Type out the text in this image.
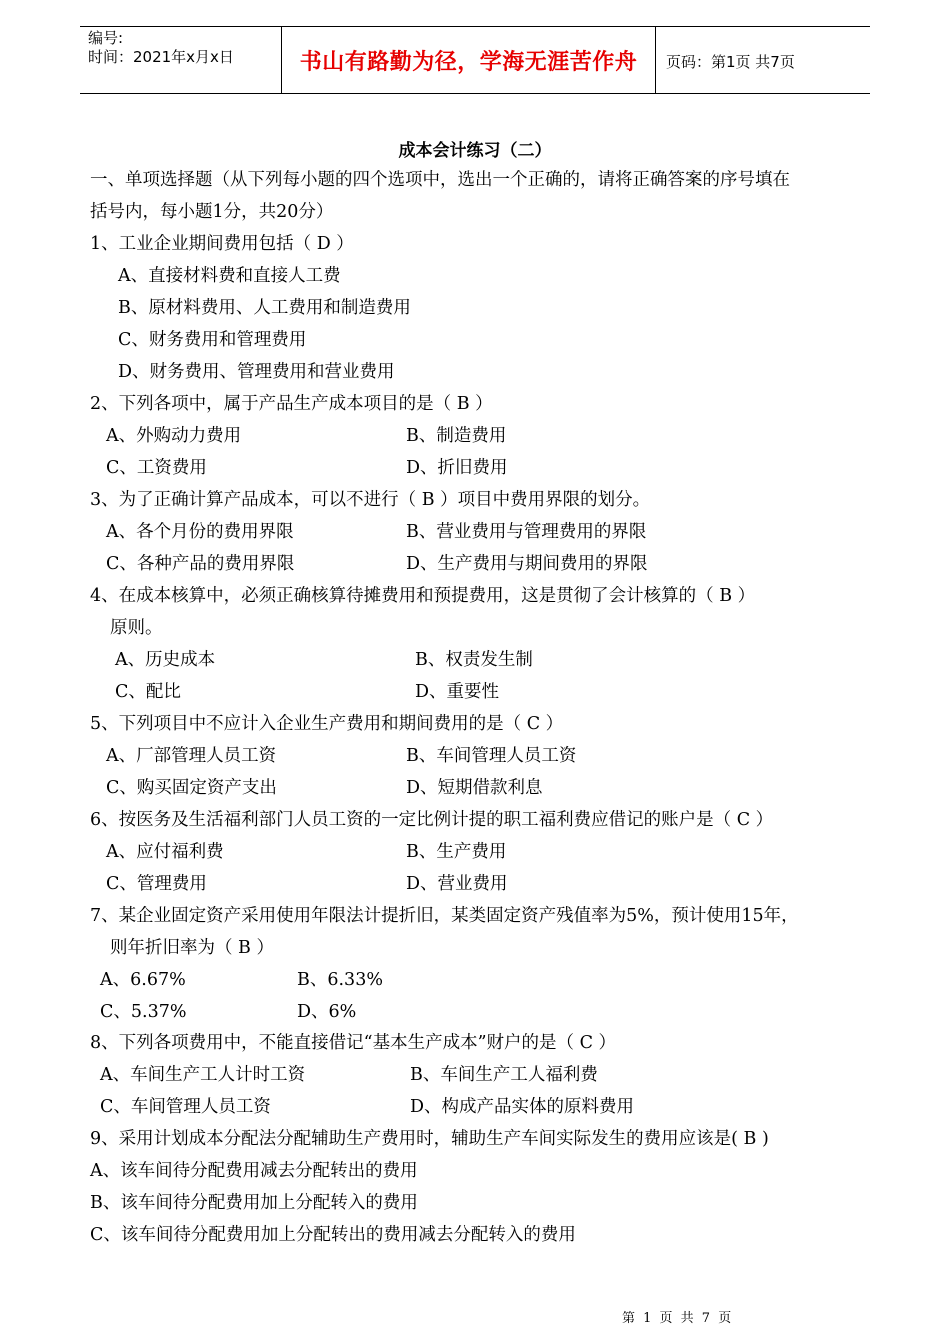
编号:
时间：2021年x月x日	书山有路勤为径，学海无涯苦作舟	页码：第1页 共7页
成本会计练习（二）
一、单项选择题（从下列每小题的四个选项中，选出一个正确的，请将正确答案的序号填在
括号内，每小题1分，共20分）
1、工业企业期间费用包括（ D ）
A、直接材料费和直接人工费
B、原材料费用、人工费用和制造费用
C、财务费用和管理费用
D、财务费用、管理费用和营业费用
2、下列各项中，属于产品生产成本项目的是（ B ）
A、外购动力费用	B、制造费用
C、工资费用	D、折旧费用
3、为了正确计算产品成本，可以不进行（ B ）项目中费用界限的划分。
A、各个月份的费用界限	B、营业费用与管理费用的界限
C、各种产品的费用界限	D、生产费用与期间费用的界限
4、在成本核算中，必须正确核算待摊费用和预提费用，这是贯彻了会计核算的（ B ）
原则。
A、历史成本	B、权责发生制
C、配比	D、重要性
5、下列项目中不应计入企业生产费用和期间费用的是（ C ）
A、厂部管理人员工资	B、车间管理人员工资
C、购买固定资产支出	D、短期借款利息
6、按医务及生活福利部门人员工资的一定比例计提的职工福利费应借记的账户是（ C ）
A、应付福利费	B、生产费用
C、管理费用	D、营业费用
7、某企业固定资产采用使用年限法计提折旧，某类固定资产残值率为5%，预计使用15年，
则年折旧率为（ B ）
A、6.67%	B、6.33%
C、5.37%	D、6%
8、下列各项费用中，不能直接借记“基本生产成本”财户的是（ C ）
A、车间生产工人计时工资	B、车间生产工人福利费
C、车间管理人员工资	D、构成产品实体的原料费用
9、采用计划成本分配法分配辅助生产费用时，辅助生产车间实际发生的费用应该是( B )
A、该车间待分配费用减去分配转出的费用
B、该车间待分配费用加上分配转入的费用
C、该车间待分配费用加上分配转出的费用减去分配转入的费用
第 1 页 共 7 页
